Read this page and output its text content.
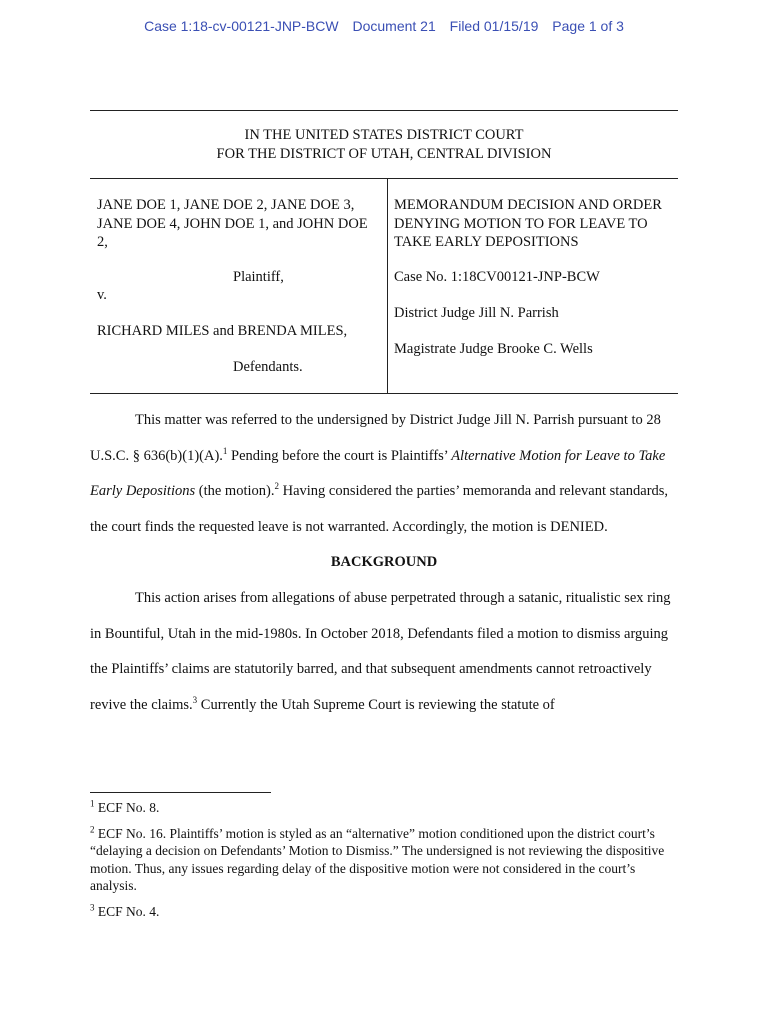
Case 1:18-cv-00121-JNP-BCW Document 21 Filed 01/15/19 Page 1 of 3
IN THE UNITED STATES DISTRICT COURT
FOR THE DISTRICT OF UTAH, CENTRAL DIVISION
JANE DOE 1, JANE DOE 2, JANE DOE 3, JANE DOE 4, JOHN DOE 1, and JOHN DOE 2,
Plaintiff,
v.
RICHARD MILES and BRENDA MILES,
Defendants.
MEMORANDUM DECISION AND ORDER DENYING MOTION TO FOR LEAVE TO TAKE EARLY DEPOSITIONS
Case No. 1:18CV00121-JNP-BCW
District Judge Jill N. Parrish
Magistrate Judge Brooke C. Wells

This matter was referred to the undersigned by District Judge Jill N. Parrish pursuant to 28 U.S.C. § 636(b)(1)(A).$^1$ Pending before the court is Plaintiffs’ Alternative Motion for Leave to Take Early Depositions (the motion).$^2$ Having considered the parties’ memoranda and relevant standards, the court finds the requested leave is not warranted. Accordingly, the motion is DENIED.

BACKGROUND

This action arises from allegations of abuse perpetrated through a satanic, ritualistic sex ring in Bountiful, Utah in the mid-1980s. In October 2018, Defendants filed a motion to dismiss arguing the Plaintiffs’ claims are statutorily barred, and that subsequent amendments cannot retroactively revive the claims.$^3$ Currently the Utah Supreme Court is reviewing the statute of

$^1$ ECF No. 8.

$^2$ ECF No. 16. Plaintiffs’ motion is styled as an “alternative” motion conditioned upon the district court’s “delaying a decision on Defendants’ Motion to Dismiss.” The undersigned is not reviewing the dispositive motion. Thus, any issues regarding delay of the dispositive motion were not considered in the court’s analysis.

$^3$ ECF No. 4.
